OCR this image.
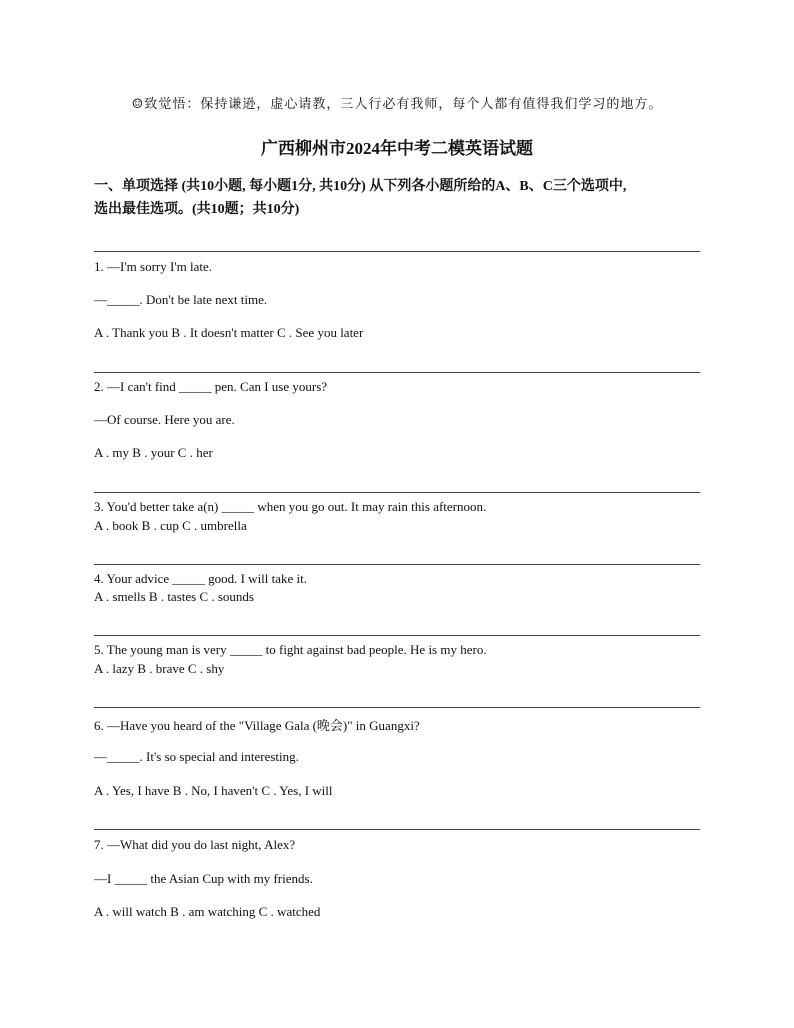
☺致觉悟：保持谦逊，虚心请教，三人行必有我师，每个人都有值得我们学习的地方。
广西柳州市2024年中考二模英语试题
一、单项选择 (共10小题, 每小题1分, 共10分) 从下列各小题所给的A、B、C三个选项中,
选出最佳选项。(共10题；共10分)
1. —I'm sorry I'm late.
—_____. Don't be late next time.
A . Thank you B . It doesn't matter C . See you later
2. —I can't find _____ pen. Can I use yours?
—Of course. Here you are.
A . my B . your C . her
3. You'd better take a(n) _____ when you go out. It may rain this afternoon.
A . book B . cup C . umbrella
4. Your advice _____ good. I will take it.
A . smells B . tastes C . sounds
5. The young man is very _____ to fight against bad people. He is my hero.
A . lazy B . brave C . shy
6. —Have you heard of the "Village Gala (晚会)" in Guangxi?
—_____. It's so special and interesting.
A . Yes, I have B . No, I haven't C . Yes, I will
7. —What did you do last night, Alex?
—I _____ the Asian Cup with my friends.
A . will watch B . am watching C . watched
